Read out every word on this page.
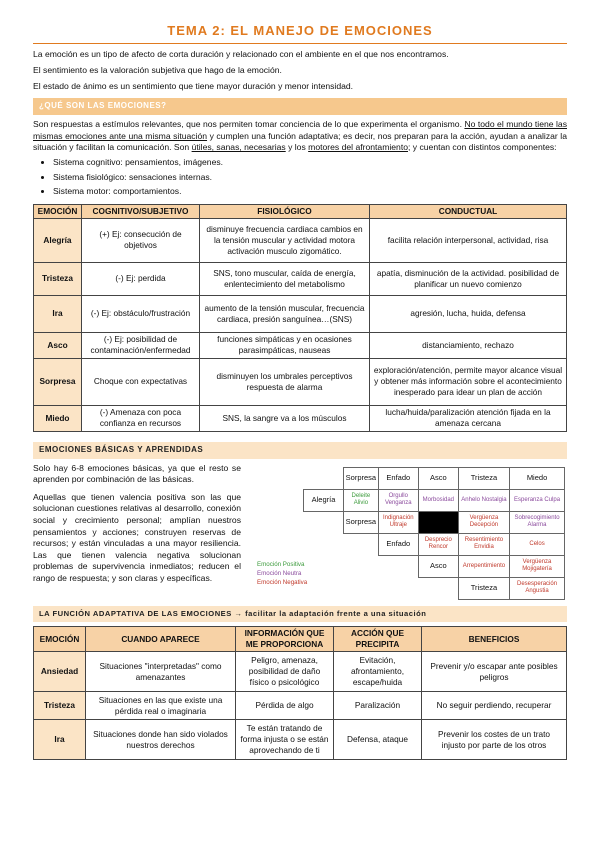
TEMA 2: EL MANEJO DE EMOCIONES

La emoción es un tipo de afecto de corta duración y relacionado con el ambiente en el que nos encontramos.

El sentimiento es la valoración subjetiva que hago de la emoción.

El estado de ánimo es un sentimiento que tiene mayor duración y menor intensidad.

¿QUÉ SON LAS EMOCIONES?

Son respuestas a estímulos relevantes, que nos permiten tomar conciencia de lo que experimenta el organismo. No todo el mundo tiene las mismas emociones ante una misma situación y cumplen una función adaptativa; es decir, nos preparan para la acción, ayudan a analizar la situación y facilitan la comunicación. Son útiles, sanas, necesarias y los motores del afrontamiento; y cuentan con distintos componentes:

• Sistema cognitivo: pensamientos, imágenes.
• Sistema fisiológico: sensaciones internas.
• Sistema motor: comportamientos.
EMOCIÓN	COGNITIVO/SUBJETIVO	FISIOLÓGICO	CONDUCTUAL
Alegría	(+) Ej: consecución de objetivos	disminuye frecuencia cardiaca cambios en la tensión muscular y actividad motora activación musculo zigomático.	facilita relación interpersonal, actividad, risa
Tristeza	(-) Ej: perdida	SNS, tono muscular, caída de energía, enlentecimiento del metabolismo	apatía, disminución de la actividad. posibilidad de planificar un nuevo comienzo
Ira	(-) Ej: obstáculo/frustración	aumento de la tensión muscular, frecuencia cardiaca, presión sanguínea…(SNS)	agresión, lucha, huida, defensa
Asco	(-) Ej: posibilidad de contaminación/enfermedad	funciones simpáticas y en ocasiones parasimpáticas, nauseas	distanciamiento, rechazo
Sorpresa	Choque con expectativas	disminuyen los umbrales perceptivos respuesta de alarma	exploración/atención, permite mayor alcance visual y obtener más información sobre el acontecimiento inesperado para idear un plan de acción
Miedo	(-) Amenaza con poca confianza en recursos	SNS, la sangre va a los músculos	lucha/huida/paralización atención fijada en la amenaza cercana
EMOCIONES BÁSICAS Y APRENDIDAS

Solo hay 6-8 emociones básicas, ya que el resto se aprenden por combinación de las básicas.

Aquellas que tienen valencia positiva son las que solucionan cuestiones relativas al desarrollo, conexión social y crecimiento personal; amplían nuestros pensamientos y acciones; construyen reservas de recursos; y están vinculadas a una mayor resiliencia. Las que tienen valencia negativa solucionan problemas de supervivencia inmediatos; reducen el rango de respuesta; y son claras y específicas.

	Sorpresa	Enfado	Asco	Tristeza	Miedo
Alegría	Deleite Alivio	Orgullo Venganza	Morbosidad	Anhelo Nostalgia	Esperanza Culpa
	Sorpresa	Indignación Ultraje		Vergüenza Decepción	Sobrecogimiento Alarma
		Enfado	Desprecio Rencor	Resentimiento Envidia	Celos
			Asco	Arrepentimiento	Vergüenza Mojigatería
				Tristeza	Desesperación Angustia
Emoción Positiva
Emoción Neutra
Emoción Negativa
LA FUNCIÓN ADAPTATIVA DE LAS EMOCIONES → facilitar la adaptación frente a una situación
EMOCIÓN	CUANDO APARECE	INFORMACIÓN QUE ME PROPORCIONA	ACCIÓN QUE PRECIPITA	BENEFICIOS
Ansiedad	Situaciones "interpretadas" como amenazantes	Peligro, amenaza, posibilidad de daño físico o psicológico	Evitación, afrontamiento, escape/huida	Prevenir y/o escapar ante posibles peligros
Tristeza	Situaciones en las que existe una pérdida real o imaginaria	Pérdida de algo	Paralización	No seguir perdiendo, recuperar
Ira	Situaciones donde han sido violados nuestros derechos	Te están tratando de forma injusta o se están aprovechando de ti	Defensa, ataque	Prevenir los costes de un trato injusto por parte de los otros
